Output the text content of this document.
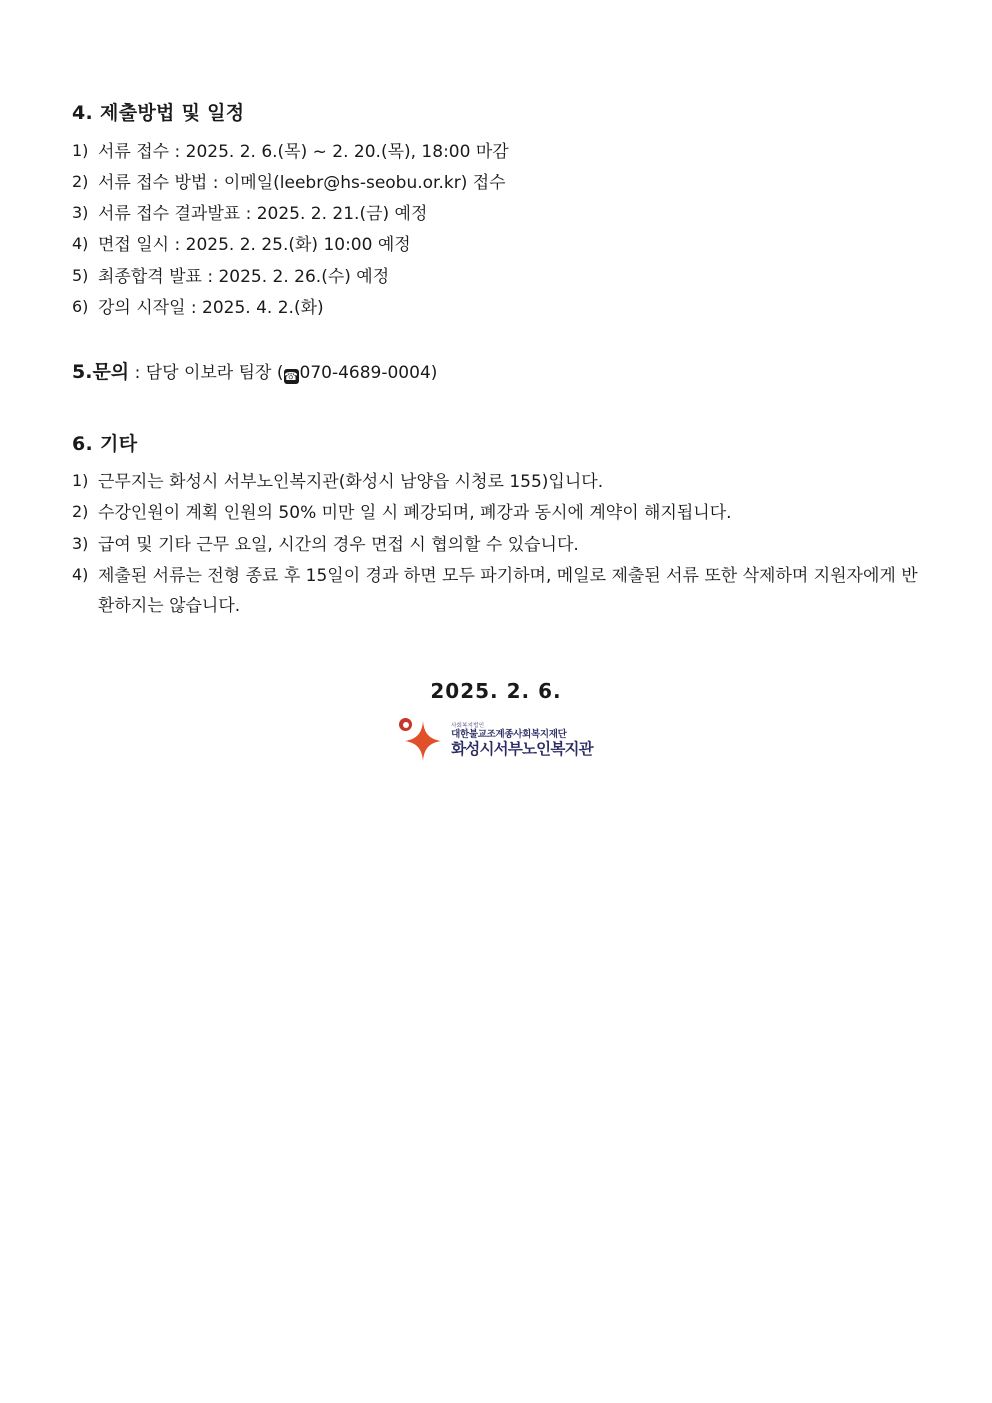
4. 제출방법 및 일정
1) 서류 접수 : 2025. 2. 6.(목) ~ 2. 20.(목), 18:00 마감
2) 서류 접수 방법 : 이메일(leebr@hs-seobu.or.kr) 접수
3) 서류 접수 결과발표 : 2025. 2. 21.(금) 예정
4) 면접 일시 : 2025. 2. 25.(화) 10:00 예정
5) 최종합격 발표 : 2025. 2. 26.(수) 예정
6) 강의 시작일 : 2025. 4. 2.(화)
5.문의 : 담당 이보라 팀장 (☎070-4689-0004)
6. 기타
1) 근무지는 화성시 서부노인복지관(화성시 남양읍 시청로 155)입니다.
2) 수강인원이 계획 인원의 50% 미만 일 시 폐강되며, 폐강과 동시에 계약이 해지됩니다.
3) 급여 및 기타 근무 요일, 시간의 경우 면접 시 협의할 수 있습니다.
4) 제출된 서류는 전형 종료 후 15일이 경과 하면 모두 파기하며, 메일로 제출된 서류 또한 삭제하며 지원자에게 반환하지는 않습니다.
2025. 2. 6.
사회복지법인
대한불교조계종사회복지재단
화성시서부노인복지관
